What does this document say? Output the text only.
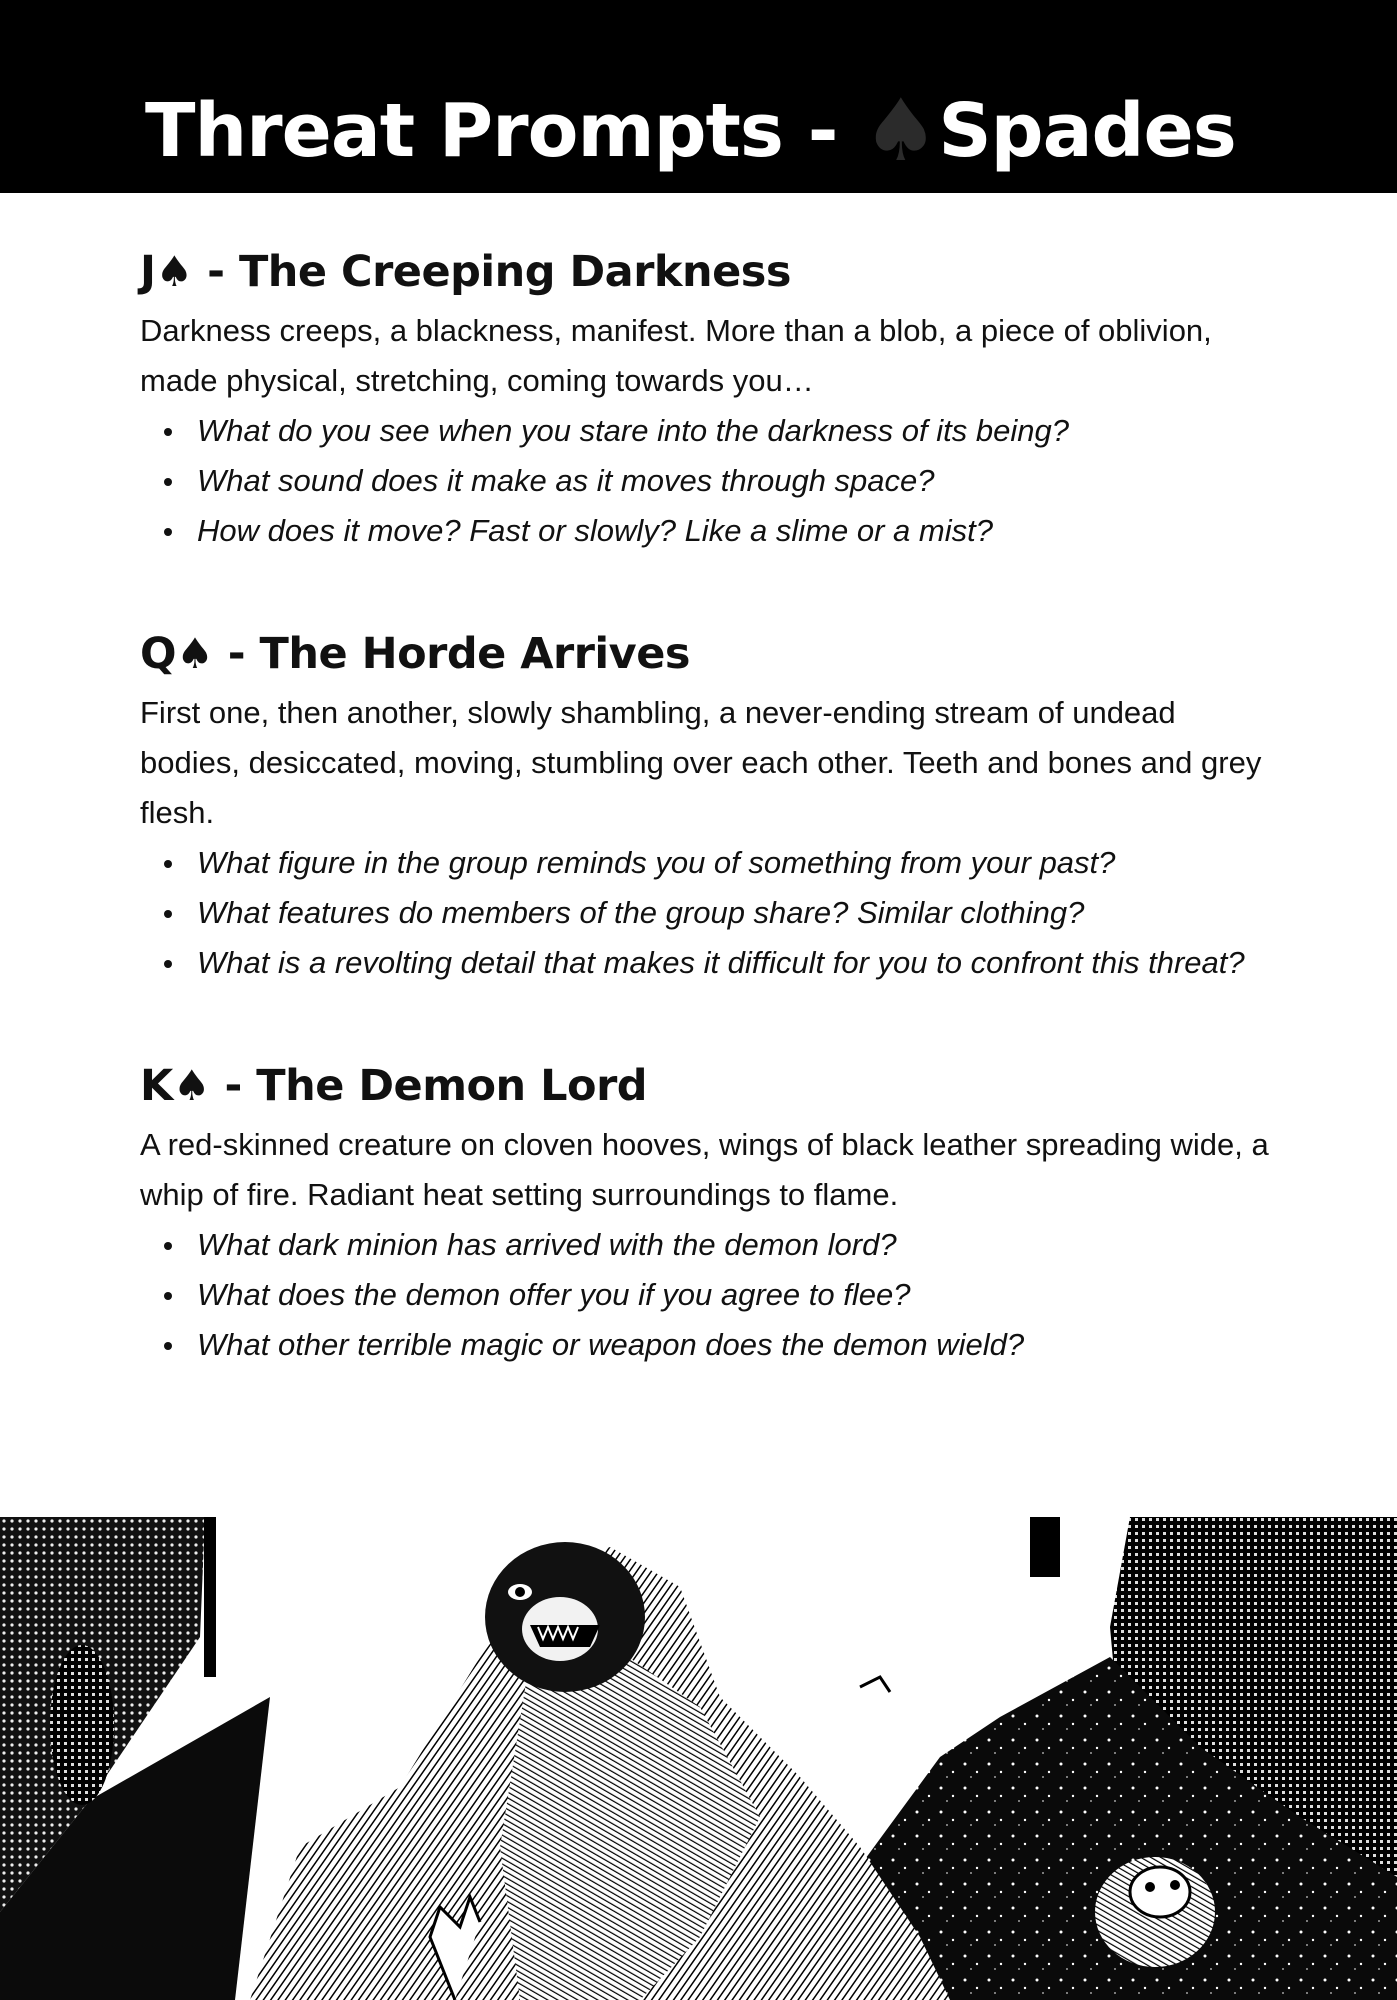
Threat Prompts - ♠Spades
J♠ - The Creeping Darkness

Darkness creeps, a blackness, manifest. More than a blob, a piece of oblivion, made physical, stretching, coming towards you…

What do you see when you stare into the darkness of its being?
What sound does it make as it moves through space?
How does it move? Fast or slowly? Like a slime or a mist?
Q♠ - The Horde Arrives

First one, then another, slowly shambling, a never-ending stream of undead bodies, desiccated, moving, stumbling over each other. Teeth and bones and grey flesh.

What figure in the group reminds you of something from your past?
What features do members of the group share? Similar clothing?
What is a revolting detail that makes it difficult for you to confront this threat?
K♠ - The Demon Lord

A red-skinned creature on cloven hooves, wings of black leather spreading wide, a whip of fire. Radiant heat setting surroundings to flame.

What dark minion has arrived with the demon lord?
What does the demon offer you if you agree to flee?
What other terrible magic or weapon does the demon wield?
